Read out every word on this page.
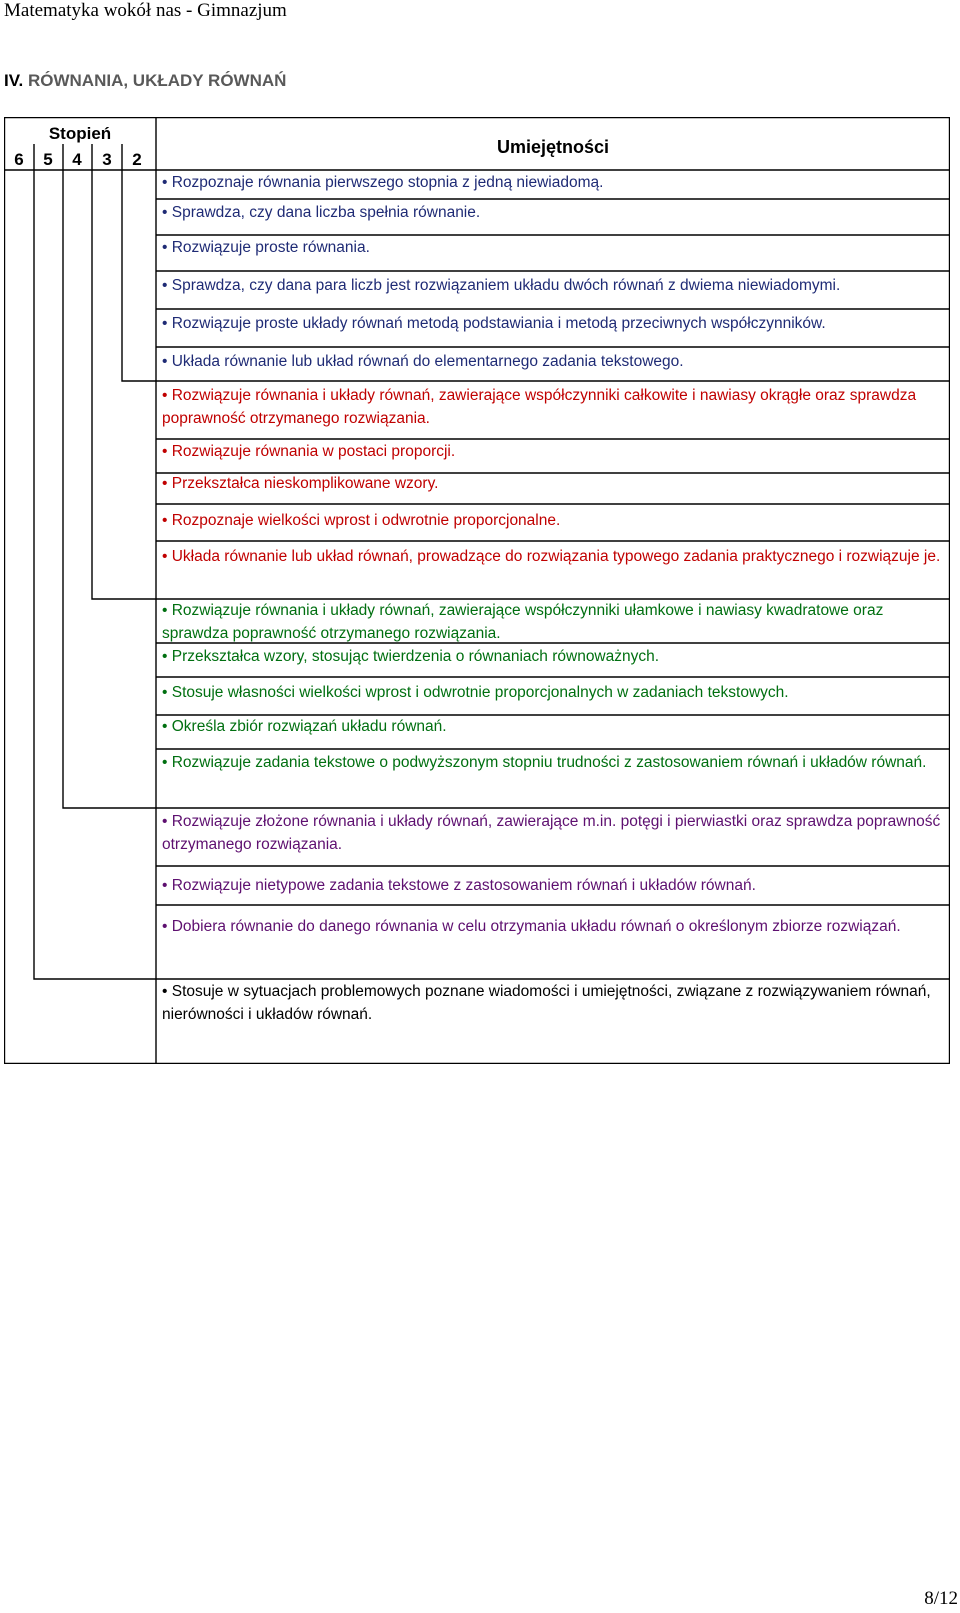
Matematyka wokół nas - Gimnazjum
IV. RÓWNANIA, UKŁADY RÓWNAŃ
Stopień
6	5	4	3	2
Umiejętności
• Rozpoznaje równania pierwszego stopnia z jedną niewiadomą.
• Sprawdza, czy dana liczba spełnia równanie.
• Rozwiązuje proste równania.
• Sprawdza, czy dana para liczb jest rozwiązaniem układu dwóch równań z dwiema niewiadomymi.
• Rozwiązuje proste układy równań metodą podstawiania i metodą przeciwnych współczynników.
• Układa równanie lub układ równań do elementarnego zadania tekstowego.
• Rozwiązuje równania i układy równań, zawierające współczynniki całkowite i nawiasy okrągłe oraz sprawdza poprawność otrzymanego rozwiązania.
• Rozwiązuje równania w postaci proporcji.
• Przekształca nieskomplikowane wzory.
• Rozpoznaje wielkości wprost i odwrotnie proporcjonalne.
• Układa równanie lub układ równań, prowadzące do rozwiązania typowego zadania praktycznego i rozwiązuje je.
• Rozwiązuje równania i układy równań, zawierające współczynniki ułamkowe i nawiasy kwadratowe oraz sprawdza poprawność otrzymanego rozwiązania.
• Przekształca wzory, stosując twierdzenia o równaniach równoważnych.
• Stosuje własności wielkości wprost i odwrotnie proporcjonalnych w zadaniach tekstowych.
• Określa zbiór rozwiązań układu równań.
• Rozwiązuje zadania tekstowe o podwyższonym stopniu trudności z zastosowaniem równań i układów równań.
• Rozwiązuje złożone równania i układy równań, zawierające m.in. potęgi i pierwiastki oraz sprawdza poprawność otrzymanego rozwiązania.
• Rozwiązuje nietypowe zadania tekstowe z zastosowaniem równań i układów równań.
• Dobiera równanie do danego równania w celu otrzymania układu równań o określonym zbiorze rozwiązań.
• Stosuje w sytuacjach problemowych poznane wiadomości i umiejętności, związane z rozwiązywaniem równań, nierówności i układów równań.
8/12
